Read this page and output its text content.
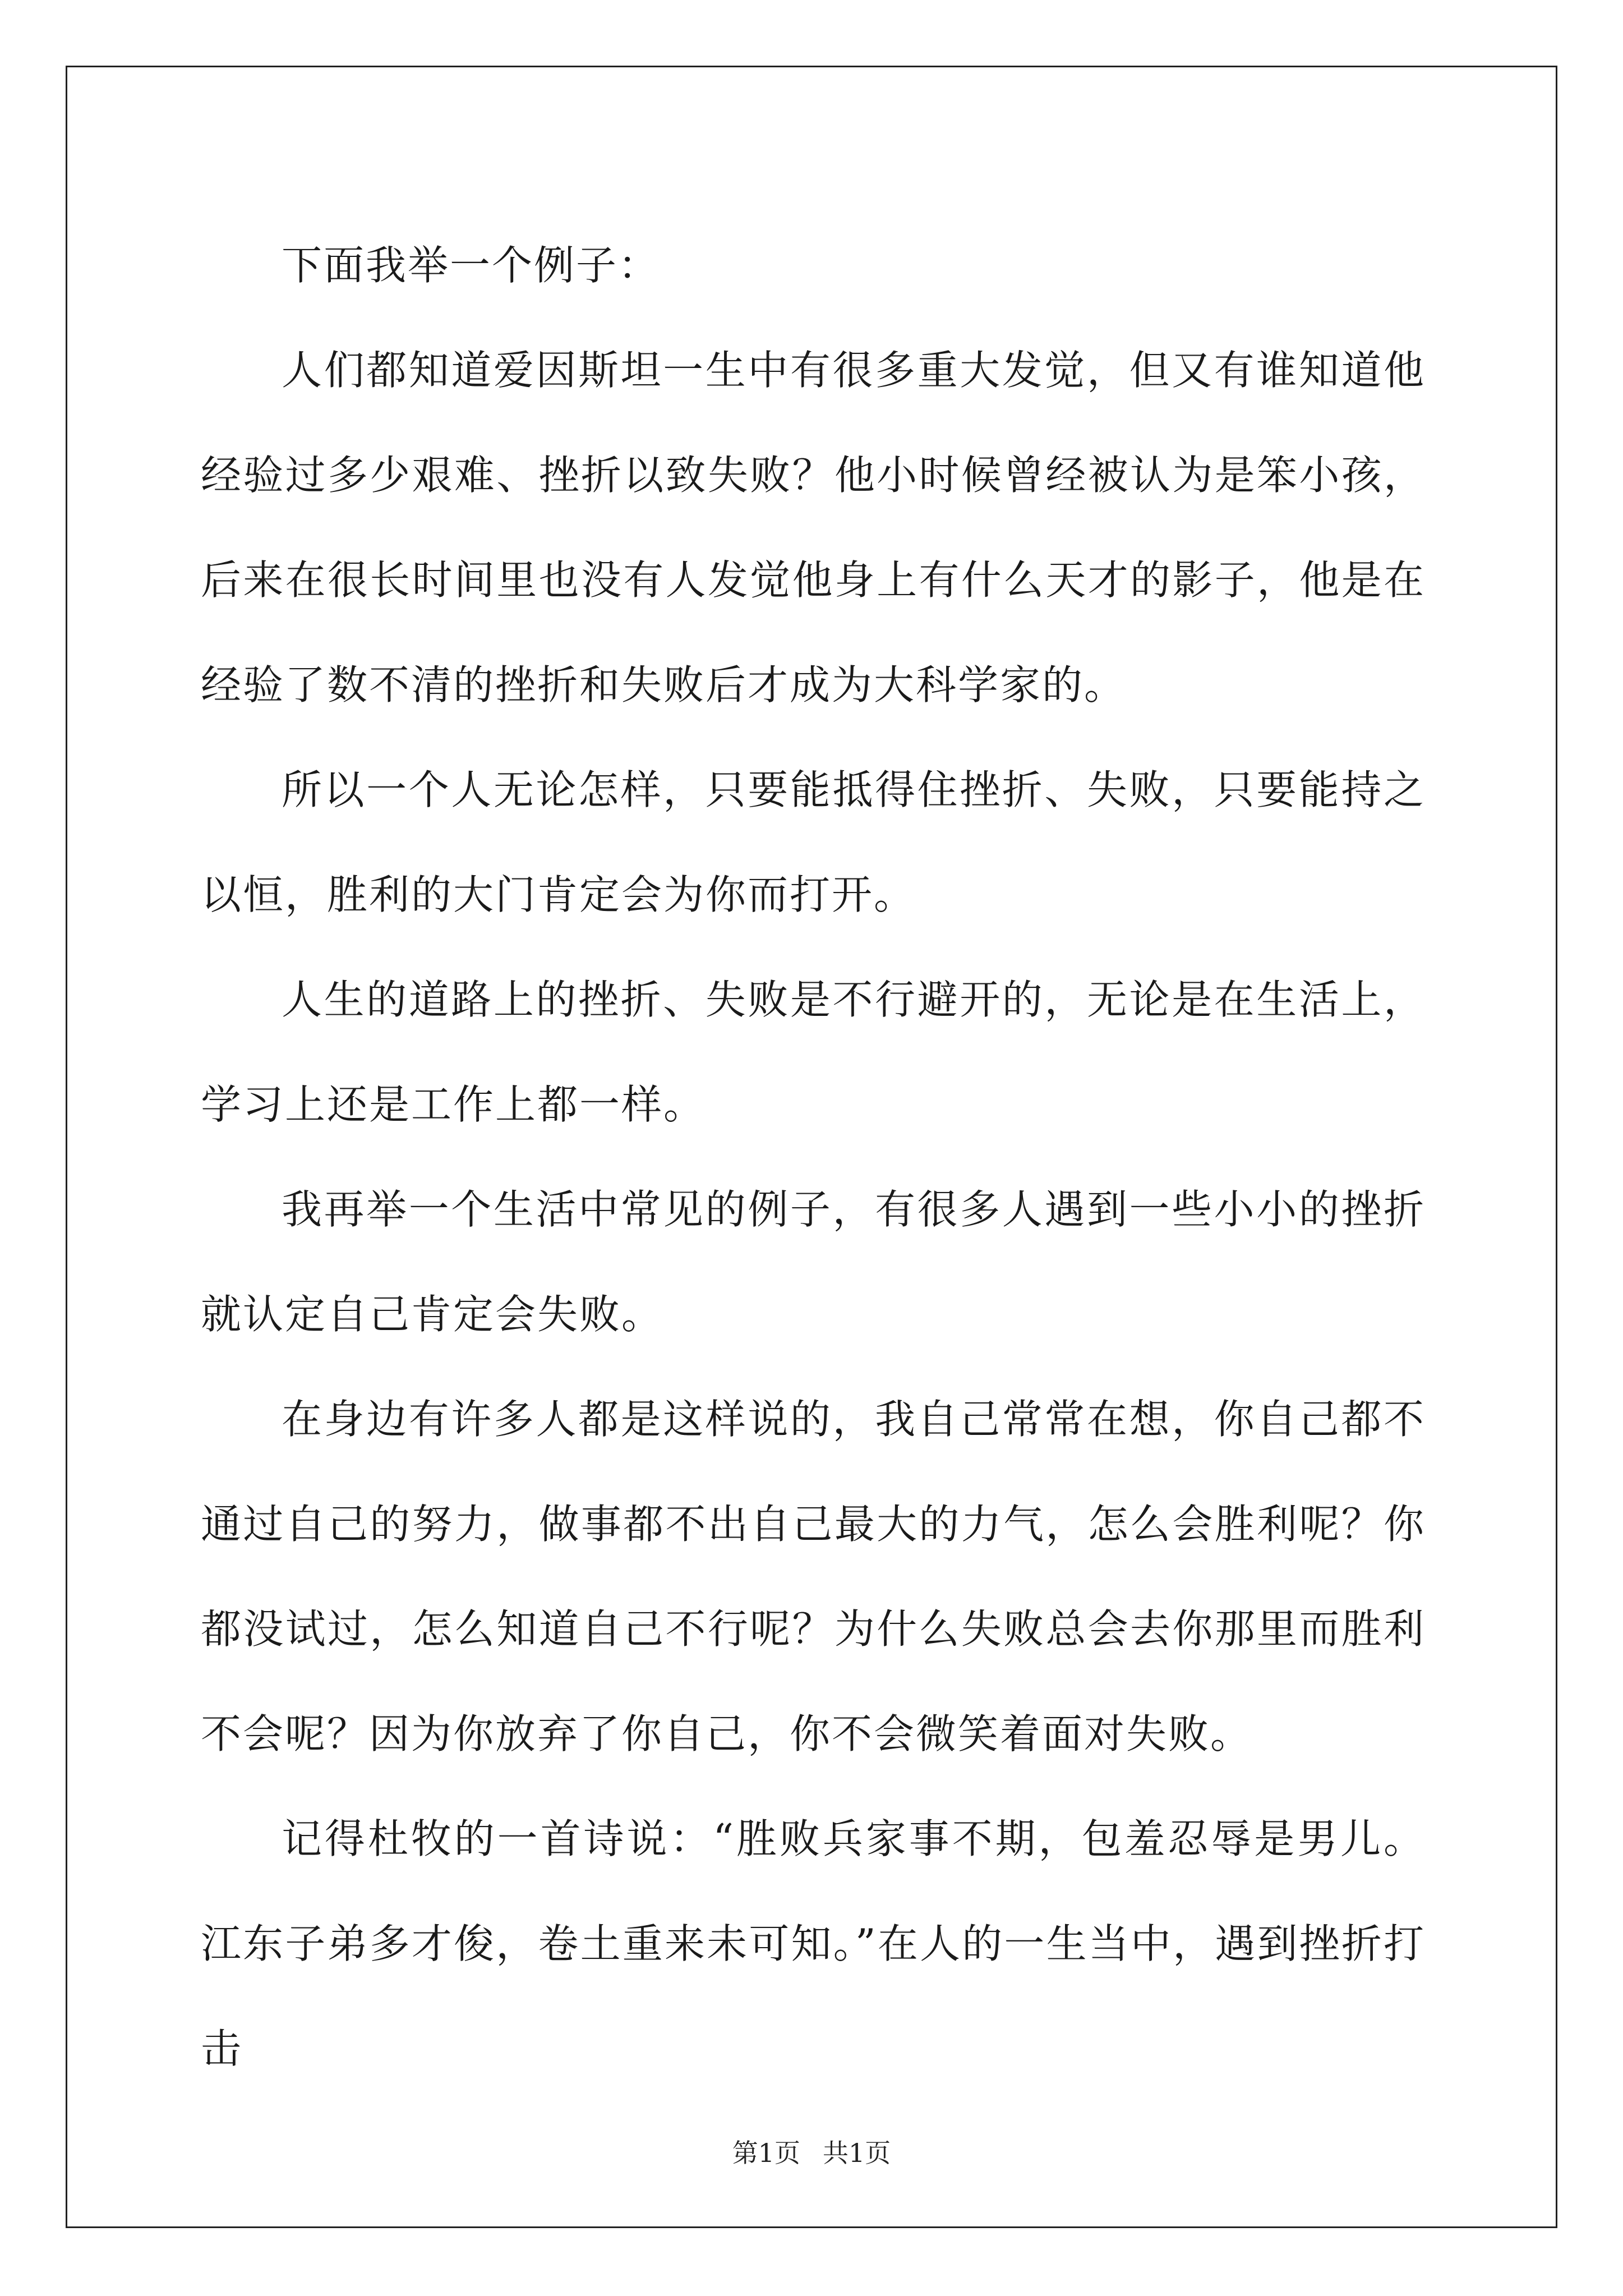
下面我举一个例子：

人们都知道爱因斯坦一生中有很多重大发觉，但又有谁知道他经验过多少艰难、挫折以致失败？他小时候曾经被认为是笨小孩，后来在很长时间里也没有人发觉他身上有什么天才的影子，他是在经验了数不清的挫折和失败后才成为大科学家的。

所以一个人无论怎样，只要能抵得住挫折、失败，只要能持之以恒，胜利的大门肯定会为你而打开。

人生的道路上的挫折、失败是不行避开的，无论是在生活上，学习上还是工作上都一样。

我再举一个生活中常见的例子，有很多人遇到一些小小的挫折就认定自己肯定会失败。

在身边有许多人都是这样说的，我自己常常在想，你自己都不通过自己的努力，做事都不出自己最大的力气，怎么会胜利呢？你都没试过，怎么知道自己不行呢？为什么失败总会去你那里而胜利不会呢？因为你放弃了你自己，你不会微笑着面对失败。

记得杜牧的一首诗说：“胜败兵家事不期，包羞忍辱是男儿。江东子弟多才俊，卷土重来未可知。”在人的一生当中，遇到挫折打击

第1页 共1页
